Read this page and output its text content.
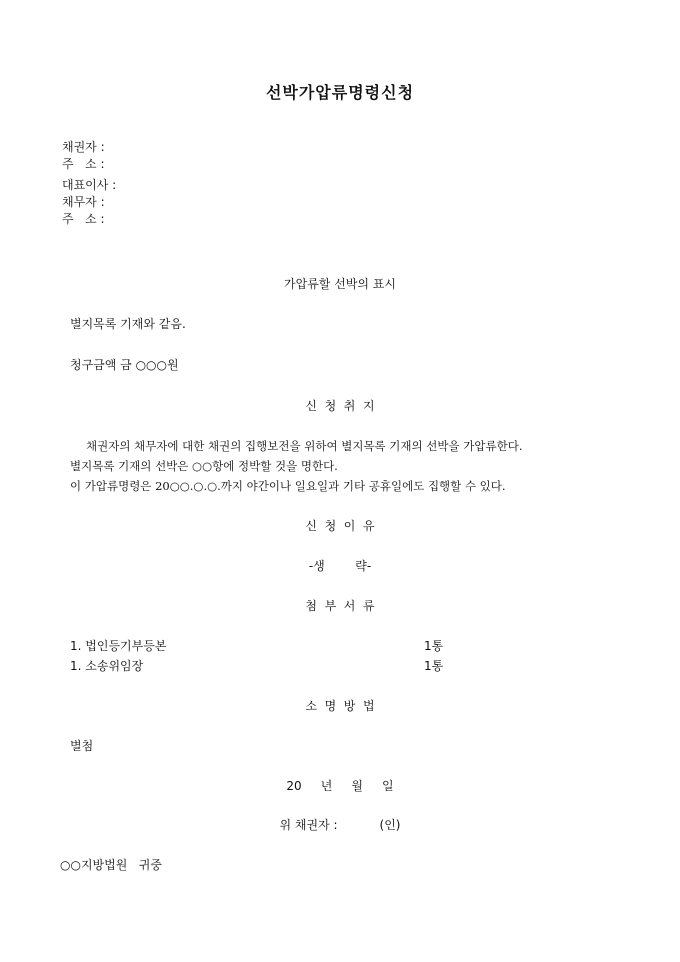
선박가압류명령신청
채권자 :
주   소 :
대표이사 :
채무자 :
주   소 :
가압류할 선박의 표시
별지목록 기재와 같음.
청구금액 금 ○○○원
신  청  취  지
채권자의 채무자에 대한 채권의 집행보전을 위하여 별지목록 기재의 선박을 가압류한다.
별지목록 기재의 선박은 ○○항에 정박할 것을 명한다.
이 가압류명령은 20○○.○.○.까지 야간이나 일요일과 기타 공휴일에도 집행할 수 있다.
신  청  이  유
-생        략-
첨  부  서  류
1. 법인등기부등본	1통
1. 소송위임장	1통
소  명  방  법
별첨
20     년     월     일
위 채권자 :           (인)
○○지방법원   귀중
